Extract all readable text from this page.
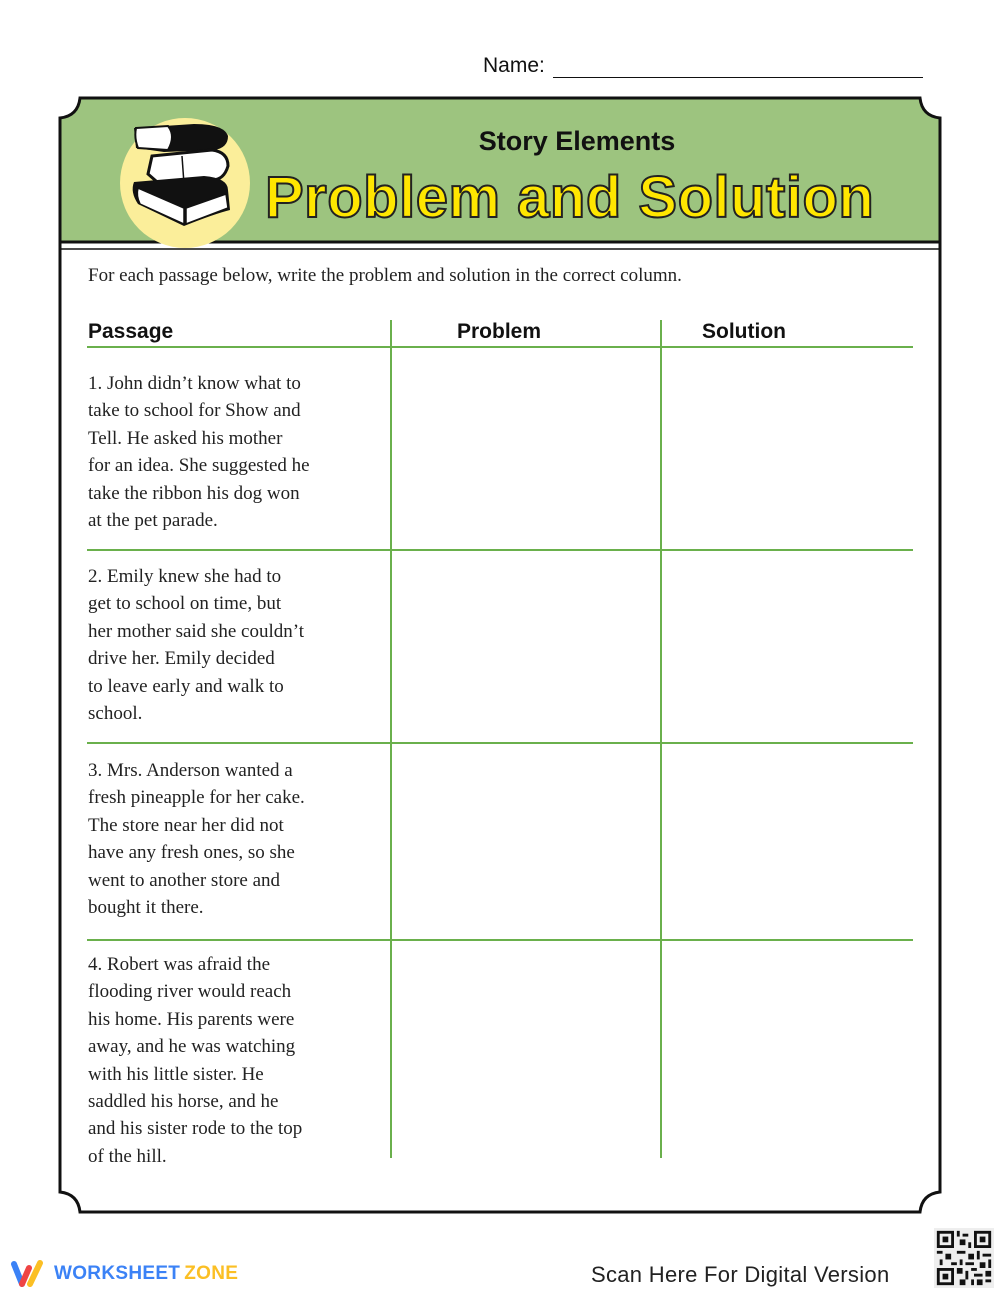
Name:
Story Elements
Problem and Solution
For each passage below, write the problem and solution in the correct column.
Passage	Problem	Solution
1. John didn’t know what to
take to school for Show and
Tell. He asked his mother
for an idea. She suggested he
take the ribbon his dog won
at the pet parade.
2. Emily knew she had to
get to school on time, but
her mother said she couldn’t
drive her. Emily decided
to leave early and walk to
school.
3. Mrs. Anderson wanted a
fresh pineapple for her cake.
The store near her did not
have any fresh ones, so she
went to another store and
bought it there.
4. Robert was afraid the
flooding river would reach
his home. His parents were
away, and he was watching
with his little sister. He
saddled his horse, and he
and his sister rode to the top
of the hill.
WORKSHEET ZONE	Scan Here For Digital Version
